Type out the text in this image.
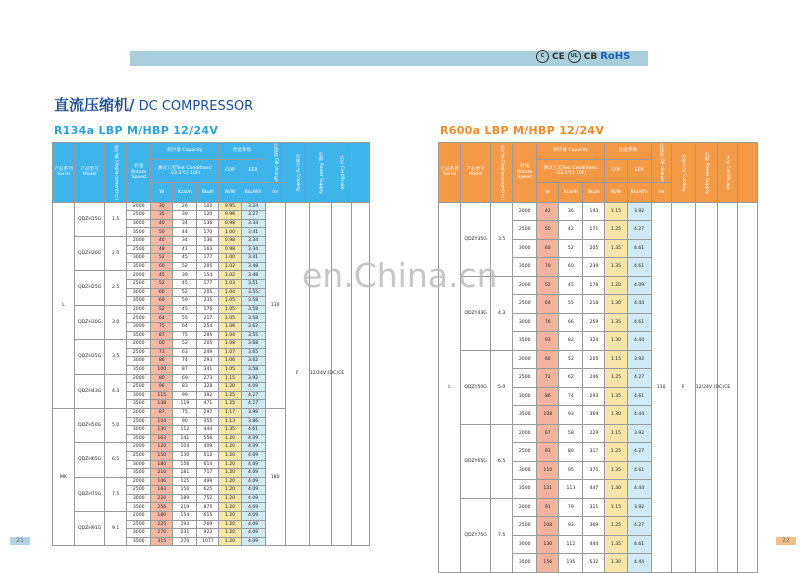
C CE	UL CB RoHS
直流压缩机/ DC COMPRESSOR
R134a LBP M/HBP 12/24V	R600a LBP M/HBP 12/24V
产品系列 Serial	产品型号 Model	排气量 Displacement(cc)	转速 Rotate Speed	制冷量 Capacity			性能系数		注油量 Oil charge	冷却方式 Cooling	电源 Power Supply	认证 Certificate	
				测试工况Test Conditions: -23.3℃(-10F)			COP	EER					
				W	Kcal/h	Btu/h	W/W	Btu/Wh	ml				
L	QDZH15G	1.5	2000	30	26	102	0.95	3.24	130	F	12/24V (DC)	CE	
			2500	35	30	120	0.96	3.27					
			3000	40	34	136	0.98	3.34					
			3500	50	44	170	1.00	3.41					
	QDZH20G	2.0	2000	40	34	136	0.98	3.34					
			2500	48	41	163	0.98	3.34					
			3000	52	45	177	1.00	3.41					
			3500	60	52	205	1.02	3.48					
	QDZH25G	2.5	2000	45	39	154	1.02	3.48					
			2500	52	45	177	1.03	3.51					
			3000	60	52	205	1.04	3.55					
			3500	69	59	235	1.05	3.58					
	QDZH30G	3.0	2000	52	45	176	1.05	3.58					
			2500	64	55	217	1.05	3.58					
			3000	75	64	254	1.06	3.62					
			3500	87	75	295	1.04	3.55					
	QDZH35G	3.5	2000	60	52	205	1.08	3.68					
			2500	73	63	249	1.07	3.65					
			3000	86	74	293	1.06	3.62					
			3500	100	87	341	1.05	3.58					
	QDZH43G	4.3	2000	80	69	273	1.15	3.92					
			2500	96	83	328	1.20	4.09					
			3000	115	99	392	1.25	4.27					
			3500	138	119	471	1.25	4.27					
MK	QDZH50G	5.0	2000	87	75	297	1.17	3.99	180				
			2500	104	90	355	1.13	3.86					
			3000	130	112	444	1.35	4.61					
			3500	163	141	556	1.20	4.09					
	QDZH65G	6.5	2000	120	104	409	1.20	4.09					
			2500	150	130	512	1.20	4.09					
			3000	180	156	614	1.20	4.09					
			3500	210	181	717	1.20	4.09					
	QDZH75G	7.5	2000	146	125	499	1.20	4.09					
			2500	183	156	625	1.20	4.09					
			3000	220	189	752	1.20	4.09					
			3500	256	219	875	1.20	4.09					
	QDZH91G	9.1	2000	180	154	615	1.20	4.09					
			2500	225	193	769	1.20	4.09					
			3000	270	231	923	1.20	4.09					
			3500	315	270	1077	1.20	4.09					
产品系列 Serial	产品型号 Model	排气量 Displacement(cc)	转速 Rotate Speed	制冷量 Capacity			性能系数		注油量 Oil charge	冷却方式 Cooling	电源 Power Supply	认证 Certificate	
				测试工况Test Conditions: -23.3℃(-10F)			COP	EER					
				W	Kcal/h	Btu/h	W/W	Btu/Wh	ml				
L	QDZY35G	3.5	2000	42	36	143	1.15	3.92	130	F	12/24V (DC)	CE	
			2500	50	42	171	1.25	4.27					
			3000	60	52	205	1.35	4.61					
			3500	70	60	239	1.35	4.61					
	QDZY43G	4.3	2000	52	45	178	1.20	4.09					
			2500	64	55	218	1.30	4.44					
			3000	76	66	259	1.35	4.61					
			3500	93	82	324	1.30	4.44					
	QDZY50G	5.0	2000	60	52	205	1.15	3.92					
			2500	72	62	246	1.25	4.27					
			3000	86	74	293	1.35	4.61					
			3500	108	93	369	1.30	4.44					
	QDZY65G	6.5	2000	67	58	229	1.15	3.92					
			2500	93	80	317	1.25	4.27					
			3000	110	95	375	1.35	4.61					
			3500	131	113	447	1.30	4.44					
	QDZY75G	7.5	2000	91	79	311	1.15	3.92					
			2500	108	93	369	1.25	4.27					
			3000	130	112	444	1.35	4.61					
			3500	156	135	532	1.30	4.44					
en.China.cn
21	22
